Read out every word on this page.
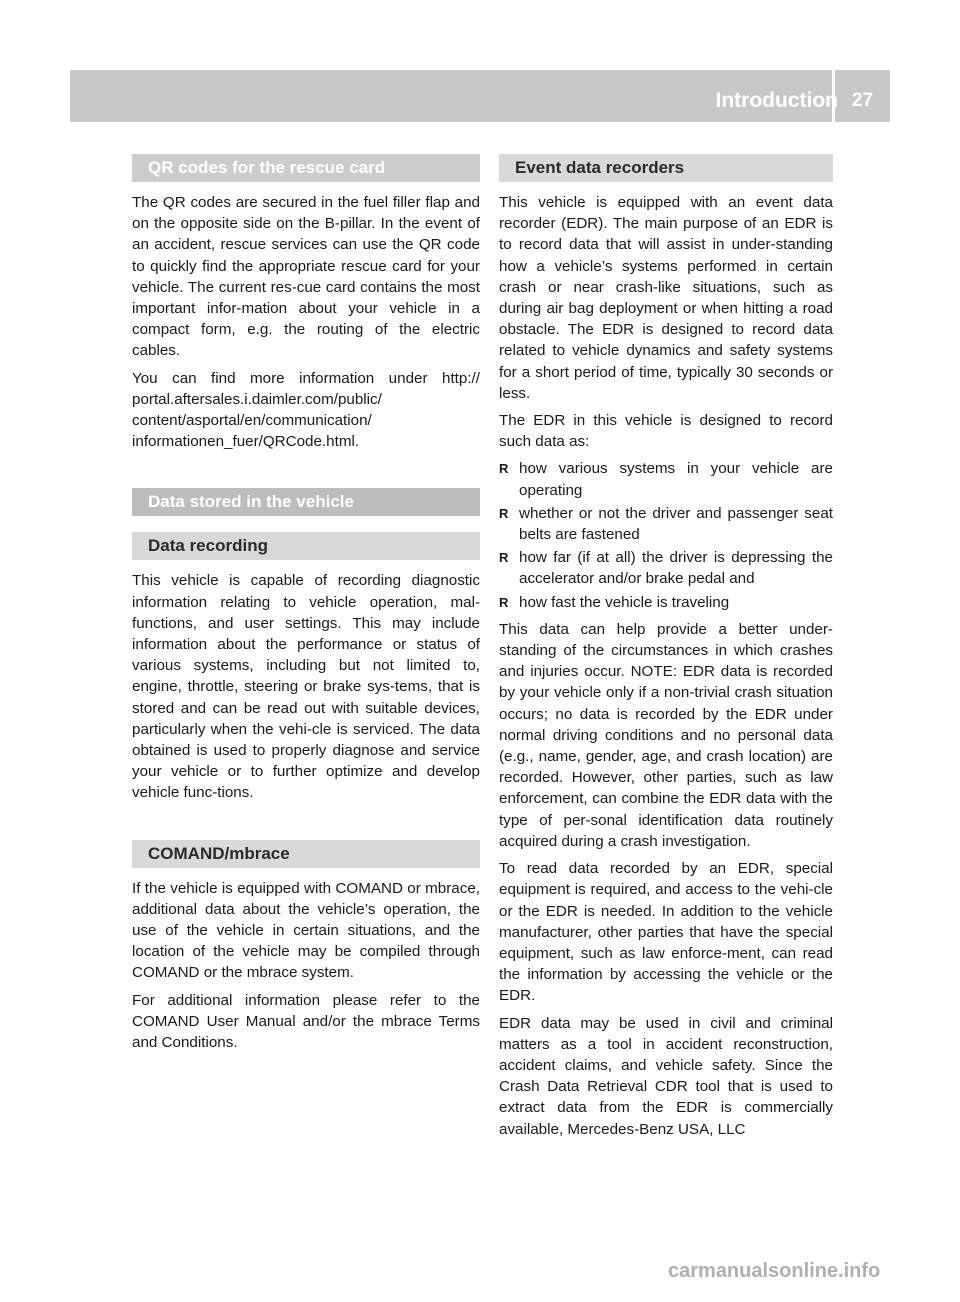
Introduction 27
QR codes for the rescue card

The QR codes are secured in the fuel filler flap and on the opposite side on the B-pillar. In the event of an accident, rescue services can use the QR code to quickly find the appropriate rescue card for your vehicle. The current res-cue card contains the most important infor-mation about your vehicle in a compact form, e.g. the routing of the electric cables.

You can find more information under http:// portal.aftersales.i.daimler.com/public/ content/asportal/en/communication/ informationen_fuer/QRCode.html.

Data stored in the vehicle
Data recording

This vehicle is capable of recording diagnostic information relating to vehicle operation, mal-functions, and user settings. This may include information about the performance or status of various systems, including but not limited to, engine, throttle, steering or brake sys-tems, that is stored and can be read out with suitable devices, particularly when the vehi-cle is serviced. The data obtained is used to properly diagnose and service your vehicle or to further optimize and develop vehicle func-tions.

COMAND/mbrace

If the vehicle is equipped with COMAND or mbrace, additional data about the vehicle’s operation, the use of the vehicle in certain situations, and the location of the vehicle may be compiled through COMAND or the mbrace system.

For additional information please refer to the COMAND User Manual and/or the mbrace Terms and Conditions.

Event data recorders

This vehicle is equipped with an event data recorder (EDR). The main purpose of an EDR is to record data that will assist in under-standing how a vehicle’s systems performed in certain crash or near crash-like situations, such as during air bag deployment or when hitting a road obstacle. The EDR is designed to record data related to vehicle dynamics and safety systems for a short period of time, typically 30 seconds or less.

The EDR in this vehicle is designed to record such data as:

R how various systems in your vehicle are operating
R whether or not the driver and passenger seat belts are fastened
R how far (if at all) the driver is depressing the accelerator and/or brake pedal and
R how fast the vehicle is traveling

This data can help provide a better under-standing of the circumstances in which crashes and injuries occur. NOTE: EDR data is recorded by your vehicle only if a non-trivial crash situation occurs; no data is recorded by the EDR under normal driving conditions and no personal data (e.g., name, gender, age, and crash location) are recorded. However, other parties, such as law enforcement, can combine the EDR data with the type of per-sonal identification data routinely acquired during a crash investigation.

To read data recorded by an EDR, special equipment is required, and access to the vehi-cle or the EDR is needed. In addition to the vehicle manufacturer, other parties that have the special equipment, such as law enforce-ment, can read the information by accessing the vehicle or the EDR.

EDR data may be used in civil and criminal matters as a tool in accident reconstruction, accident claims, and vehicle safety. Since the Crash Data Retrieval CDR tool that is used to extract data from the EDR is commercially available, Mercedes-Benz USA, LLC

carmanualsonline.info
